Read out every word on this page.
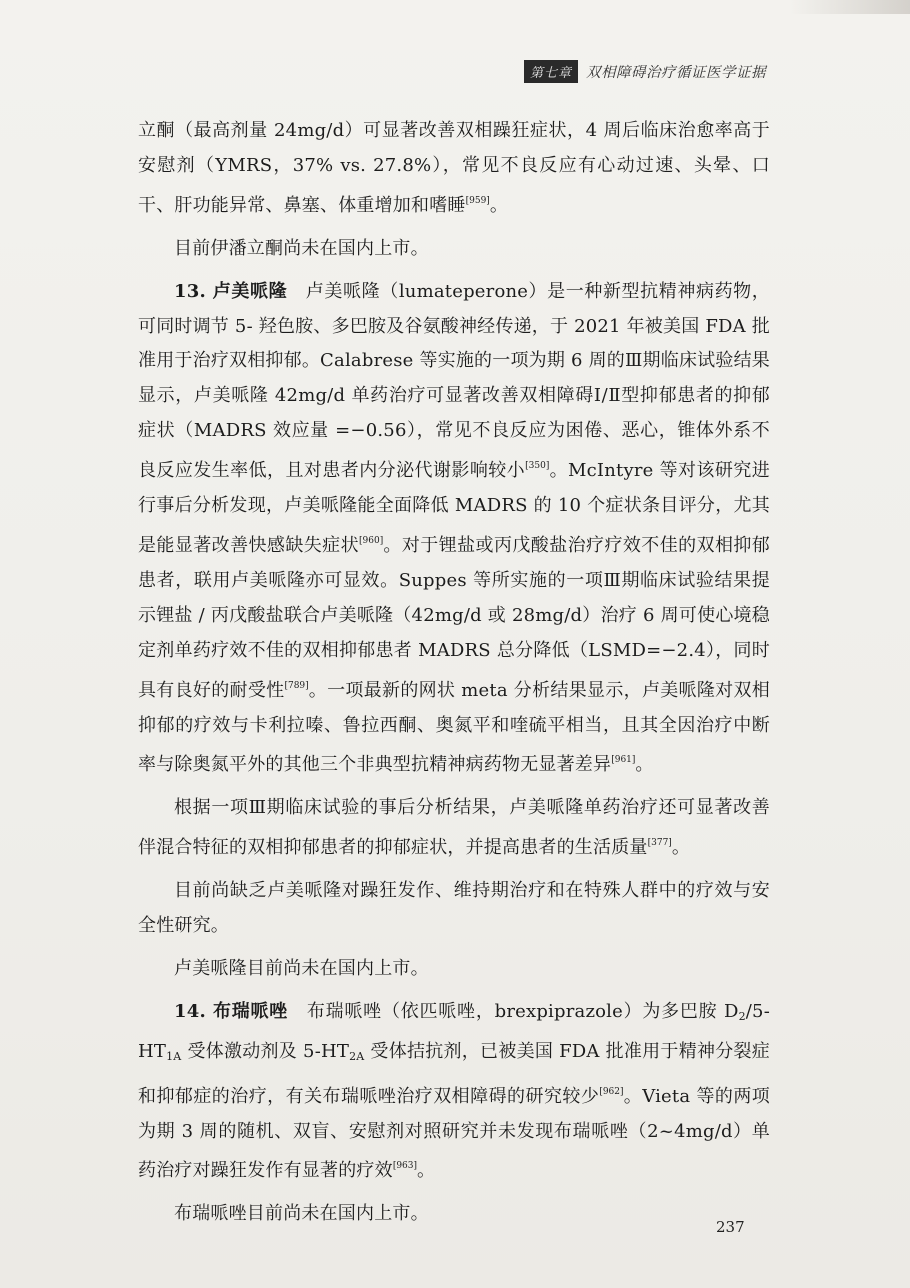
第七章 双相障碍治疗循证医学证据

立酮（最高剂量 24mg/d）可显著改善双相躁狂症状，4 周后临床治愈率高于安慰剂（YMRS，37% vs. 27.8%），常见不良反应有心动过速、头晕、口干、肝功能异常、鼻塞、体重增加和嗜睡[959]。

目前伊潘立酮尚未在国内上市。

13. 卢美哌隆　卢美哌隆（lumateperone）是一种新型抗精神病药物，可同时调节 5- 羟色胺、多巴胺及谷氨酸神经传递，于 2021 年被美国 FDA 批准用于治疗双相抑郁。Calabrese 等实施的一项为期 6 周的Ⅲ期临床试验结果显示，卢美哌隆 42mg/d 单药治疗可显著改善双相障碍Ⅰ/Ⅱ型抑郁患者的抑郁症状（MADRS 效应量 =−0.56），常见不良反应为困倦、恶心，锥体外系不良反应发生率低，且对患者内分泌代谢影响较小[350]。McIntyre 等对该研究进行事后分析发现，卢美哌隆能全面降低 MADRS 的 10 个症状条目评分，尤其是能显著改善快感缺失症状[960]。对于锂盐或丙戊酸盐治疗疗效不佳的双相抑郁患者，联用卢美哌隆亦可显效。Suppes 等所实施的一项Ⅲ期临床试验结果提示锂盐 / 丙戊酸盐联合卢美哌隆（42mg/d 或 28mg/d）治疗 6 周可使心境稳定剂单药疗效不佳的双相抑郁患者 MADRS 总分降低（LSMD=−2.4），同时具有良好的耐受性[789]。一项最新的网状 meta 分析结果显示，卢美哌隆对双相抑郁的疗效与卡利拉嗪、鲁拉西酮、奥氮平和喹硫平相当，且其全因治疗中断率与除奥氮平外的其他三个非典型抗精神病药物无显著差异[961]。

根据一项Ⅲ期临床试验的事后分析结果，卢美哌隆单药治疗还可显著改善伴混合特征的双相抑郁患者的抑郁症状，并提高患者的生活质量[377]。

目前尚缺乏卢美哌隆对躁狂发作、维持期治疗和在特殊人群中的疗效与安全性研究。

卢美哌隆目前尚未在国内上市。

14. 布瑞哌唑　布瑞哌唑（依匹哌唑，brexpiprazole）为多巴胺 $D_2/5-HT_{1A}$ 受体激动剂及 $5-HT_{2A}$ 受体拮抗剂，已被美国 FDA 批准用于精神分裂症和抑郁症的治疗，有关布瑞哌唑治疗双相障碍的研究较少[962]。Vieta 等的两项为期 3 周的随机、双盲、安慰剂对照研究并未发现布瑞哌唑（2~4mg/d）单药治疗对躁狂发作有显著的疗效[963]。

布瑞哌唑目前尚未在国内上市。

237
